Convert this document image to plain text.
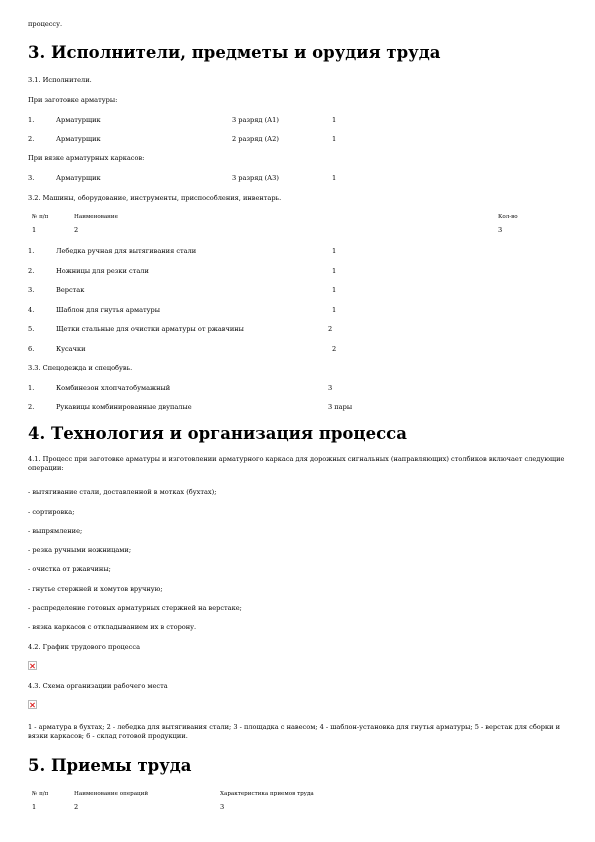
процессу.
3. Исполнители, предметы и орудия труда
3.1. Исполнители.
При заготовке арматуры:
1.	Арматурщик	3 разряд (А1)	1
2.	Арматурщик	2 разряд (А2)	1
При вязке арматурных каркасов:
3.	Арматурщик	3 разряд (А3)	1
3.2. Машины, оборудование, инструменты, приспособления, инвентарь.
№ п/п	Наименование	Кол-во
1	2	3
1.	Лебедка ручная для вытягивания стали	1
2.	Ножницы для резки стали	1
3.	Верстак	1
4.	Шаблон для гнутья арматуры	1
5.	Щетки стальные для очистки арматуры от ржавчины	2
6.	Кусачки	2
3.3. Спецодежда и спецобувь.
1.	Комбинезон хлопчатобумажный	3
2.	Рукавицы комбинированные двупалые	3 пары
4. Технология и организация процесса
4.1. Процесс при заготовке арматуры и изготовлении арматурного каркаса для дорожных сигнальных (направляющих) столбиков включает следующие операции:
- вытягивание стали, доставленной в мотках (бухтах);
- сортировка;
- выпрямление;
- резка ручными ножницами;
- очистка от ржавчины;
- гнутье стержней и хомутов вручную;
- распределение готовых арматурных стержней на верстаке;
- вязка каркасов с откладыванием их в сторону.
4.2. График трудового процесса
4.3. Схема организации рабочего места
1 - арматура в бухтах; 2 - лебедка для вытягивания стали; 3 - площадка с навесом; 4 - шаблон-установка для гнутья арматуры; 5 - верстак для сборки и вязки каркасов; 6 - склад готовой продукции.
5. Приемы труда
№ п/п	Наименование операций	Характеристика приемов труда
1	2	3
